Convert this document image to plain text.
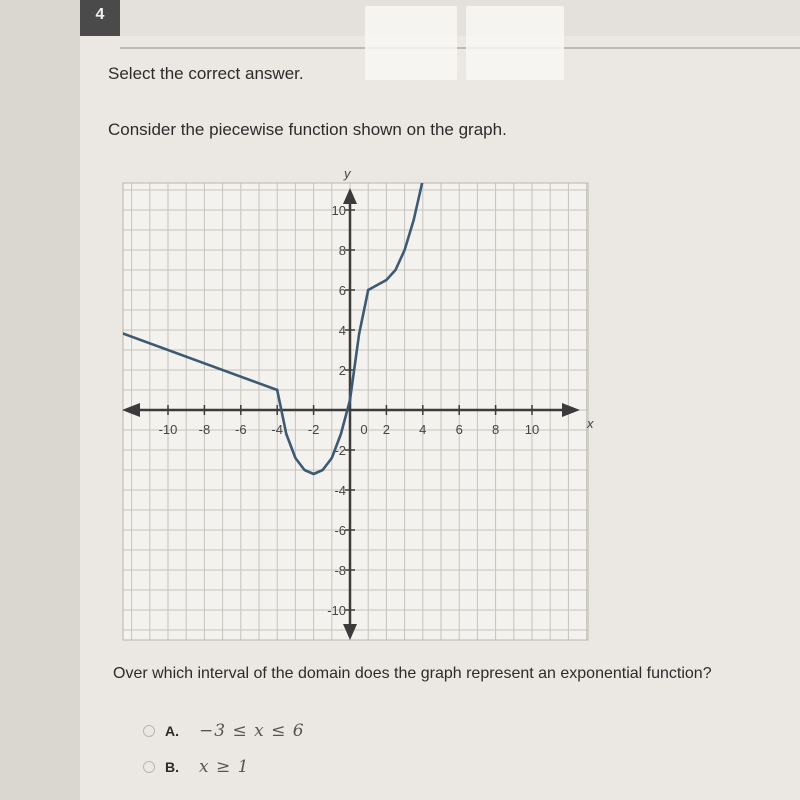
4
Select the correct answer.
Consider the piecewise function shown on the graph.
x
y
-10 -8 -6 -4 -2	0 2 4 6 8 10
10
8
6
4
2
-2
-4
-6
-8
-10
Over which interval of the domain does the graph represent an exponential function?
A.	−3 ≤ x ≤ 6
B.	x ≥ 1
